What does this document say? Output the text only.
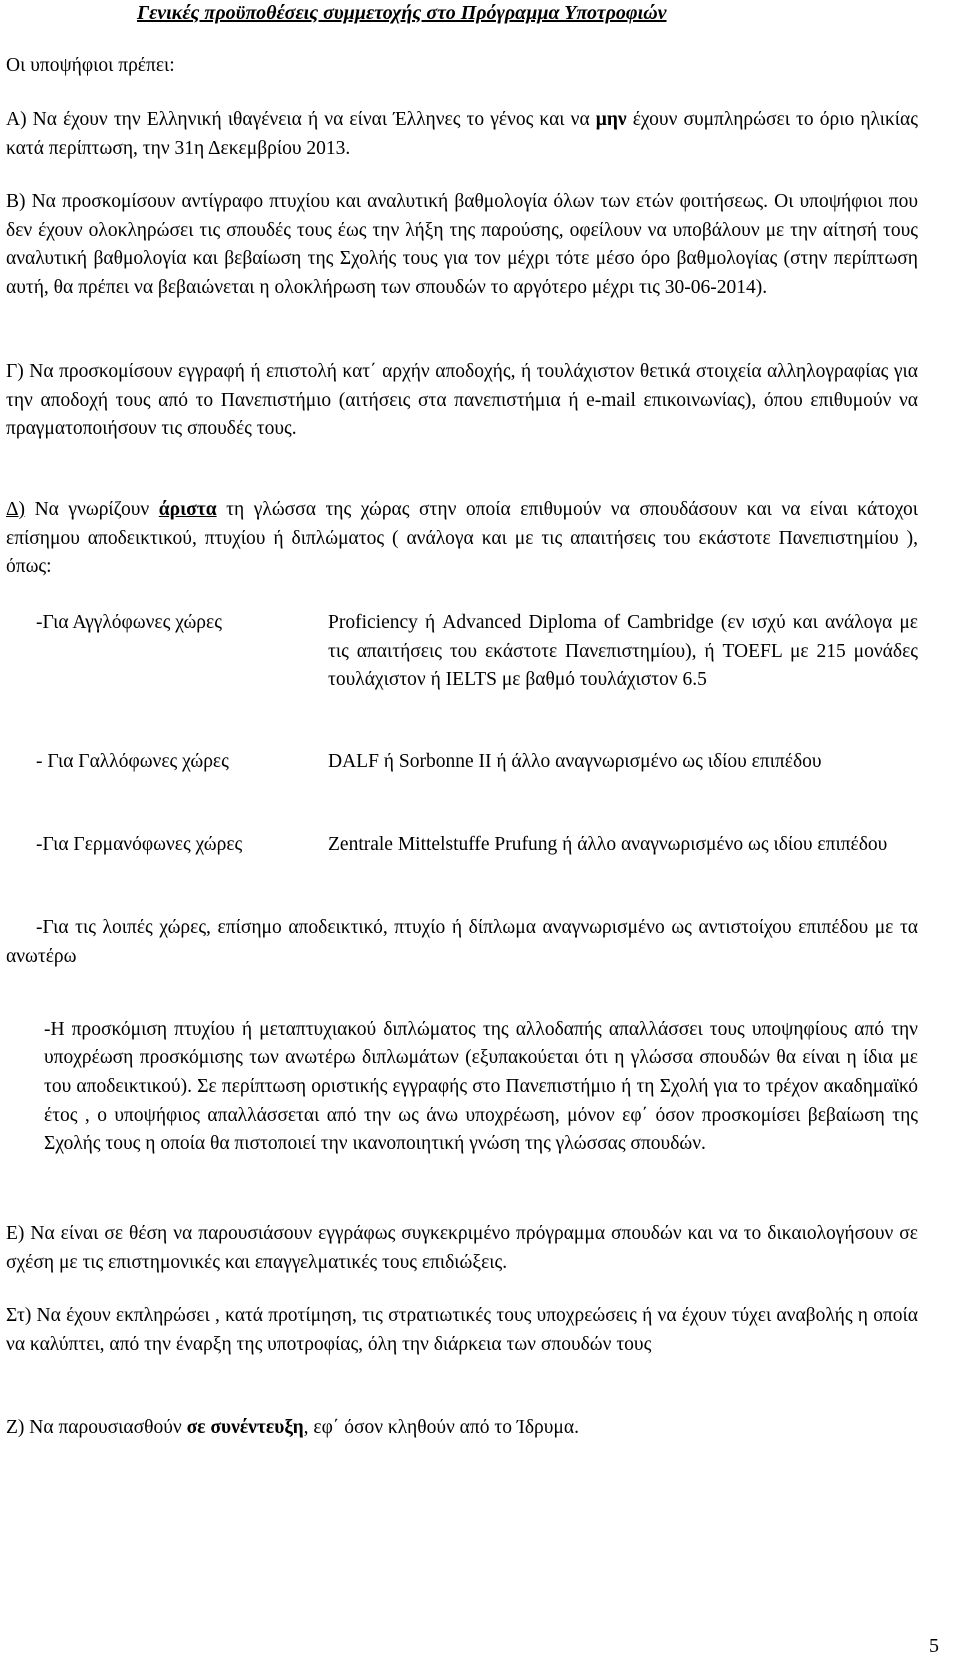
Γενικές προϋποθέσεις συμμετοχής στο Πρόγραμμα Υποτροφιών

Οι υποψήφιοι πρέπει:

Α) Να έχουν την Ελληνική ιθαγένεια ή να είναι Έλληνες το γένος και να μην έχουν συμπληρώσει το όριο ηλικίας κατά περίπτωση, την 31η Δεκεμβρίου 2013.

Β) Να προσκομίσουν αντίγραφο πτυχίου και αναλυτική βαθμολογία όλων των ετών φοιτήσεως. Οι υποψήφιοι που δεν έχουν ολοκληρώσει τις σπουδές τους έως την λήξη της παρούσης, οφείλουν να υποβάλουν με την αίτησή τους αναλυτική βαθμολογία και βεβαίωση της Σχολής τους για τον μέχρι τότε μέσο όρο βαθμολογίας (στην περίπτωση αυτή, θα πρέπει να βεβαιώνεται η ολοκλήρωση των σπουδών το αργότερο μέχρι τις 30-06-2014).

Γ) Να προσκομίσουν εγγραφή ή επιστολή κατ΄ αρχήν αποδοχής, ή τουλάχιστον θετικά στοιχεία αλληλογραφίας για την αποδοχή τους από το Πανεπιστήμιο (αιτήσεις στα πανεπιστήμια ή e-mail επικοινωνίας), όπου επιθυμούν να πραγματοποιήσουν τις σπουδές τους.

Δ) Να γνωρίζουν άριστα τη γλώσσα της χώρας στην οποία επιθυμούν να σπουδάσουν και να είναι κάτοχοι επίσημου αποδεικτικού, πτυχίου ή διπλώματος ( ανάλογα και με τις απαιτήσεις του εκάστοτε Πανεπιστημίου ), όπως:

-Για Αγγλόφωνες χώρες	Proficiency ή Advanced Diploma of Cambridge (εν ισχύ και ανάλογα με τις απαιτήσεις του εκάστοτε Πανεπιστημίου), ή TOEFL με 215 μονάδες τουλάχιστον ή IELTS με βαθμό τουλάχιστον 6.5
- Για Γαλλόφωνες χώρες	DALF ή Sorbonne II ή άλλο αναγνωρισμένο ως ιδίου επιπέδου
-Για Γερμανόφωνες χώρες	Zentrale Mittelstuffe Prufung ή άλλο αναγνωρισμένο ως ιδίου επιπέδου

-Για τις λοιπές χώρες, επίσημο αποδεικτικό, πτυχίο ή δίπλωμα αναγνωρισμένο ως αντιστοίχου επιπέδου με τα ανωτέρω

-Η προσκόμιση πτυχίου ή μεταπτυχιακού διπλώματος της αλλοδαπής απαλλάσσει τους υποψηφίους από την υποχρέωση προσκόμισης των ανωτέρω διπλωμάτων (εξυπακούεται ότι η γλώσσα σπουδών θα είναι η ίδια με του αποδεικτικού). Σε περίπτωση οριστικής εγγραφής στο Πανεπιστήμιο ή τη Σχολή για το τρέχον ακαδημαϊκό έτος , ο υποψήφιος απαλλάσσεται από την ως άνω υποχρέωση, μόνον εφ΄ όσον προσκομίσει βεβαίωση της Σχολής τους η οποία θα πιστοποιεί την ικανοποιητική γνώση της γλώσσας σπουδών.

Ε) Να είναι σε θέση να παρουσιάσουν εγγράφως συγκεκριμένο πρόγραμμα σπουδών και να το δικαιολογήσουν σε σχέση με τις επιστημονικές και επαγγελματικές τους επιδιώξεις.

Στ) Να έχουν εκπληρώσει , κατά προτίμηση, τις στρατιωτικές τους υποχρεώσεις ή να έχουν τύχει αναβολής η οποία να καλύπτει, από την έναρξη της υποτροφίας, όλη την διάρκεια των σπουδών τους

Ζ) Να παρουσιασθούν σε συνέντευξη, εφ΄ όσον κληθούν από το Ίδρυμα.

5
